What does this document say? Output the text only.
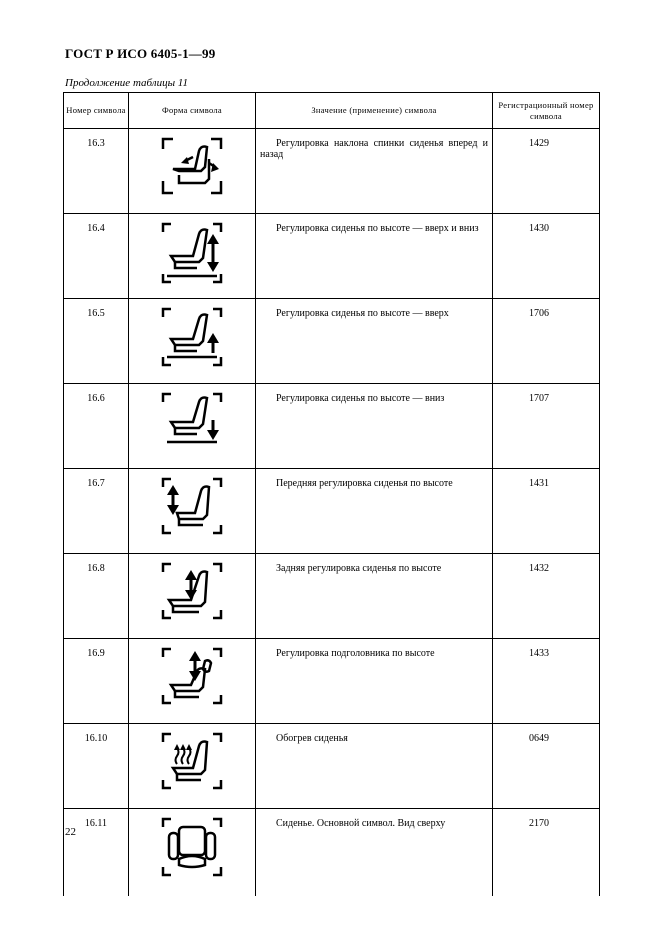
ГОСТ Р ИСО 6405-1—99
Продолжение таблицы 11
Номер символа	Форма символа	Значение (применение) символа	Регистрационный номер символа
16.3		Регулировка наклона спинки сиденья вперед и назад	1429
16.4		Регулировка сиденья по высоте — вверх и вниз	1430
16.5		Регулировка сиденья по высоте — вверх	1706
16.6		Регулировка сиденья по высоте — вниз	1707
16.7		Передняя регулировка сиденья по высоте	1431
16.8		Задняя регулировка сиденья по высоте	1432
16.9		Регулировка подголовника по высоте	1433
16.10		Обогрев сиденья	0649
16.11		Сиденье. Основной символ. Вид сверху	2170
22
